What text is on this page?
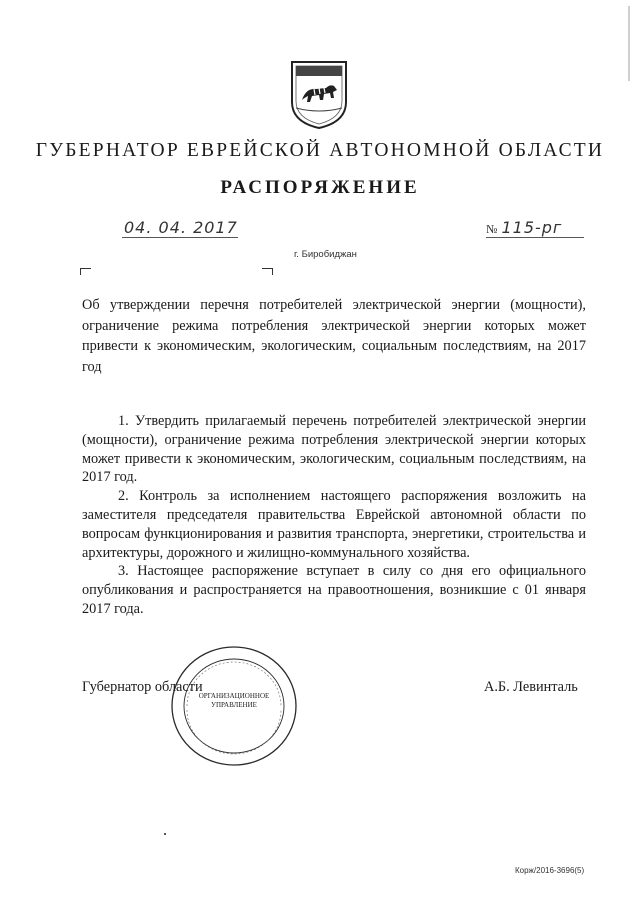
ГУБЕРНАТОР ЕВРЕЙСКОЙ АВТОНОМНОЙ ОБЛАСТИ
РАСПОРЯЖЕНИЕ
04. 04. 2017	№ 115-рг
г. Биробиджан
Об утверждении перечня потребителей электрической энергии (мощности), ограничение режима потребления электрической энергии которых может привести к экономическим, экологическим, социальным последствиям, на 2017 год

1. Утвердить прилагаемый перечень потребителей электрической энергии (мощности), ограничение режима потребления электрической энергии которых может привести к экономическим, экологическим, социальным последствиям, на 2017 год.

2. Контроль за исполнением настоящего распоряжения возложить на заместителя председателя правительства Еврейской автономной области по вопросам функционирования и развития транспорта, энергетики, строительства и архитектуры, дорожного и жилищно-коммунального хозяйства.

3. Настоящее распоряжение вступает в силу со дня его официального опубликования и распространяется на правоотношения, возникшие с 01 января 2017 года.

ОРГАНИЗАЦИОННОЕ
УПРАВЛЕНИЕ
Губернатор области	А.Б. Левинталь
Корж/2016-3696(5)
